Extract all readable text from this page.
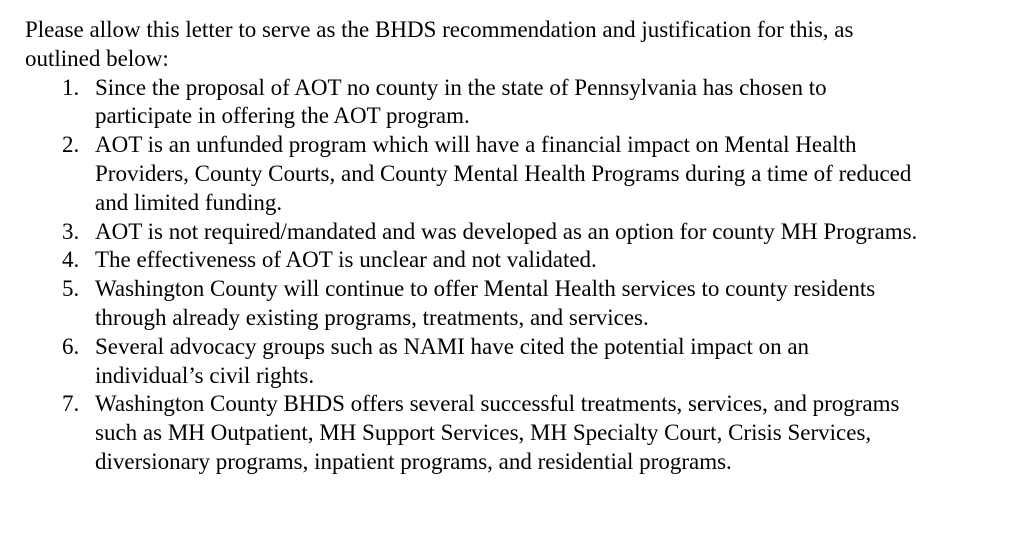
Please allow this letter to serve as the BHDS recommendation and justification for this, as
outlined below:
1. Since the proposal of AOT no county in the state of Pennsylvania has chosen to
participate in offering the AOT program.
2. AOT is an unfunded program which will have a financial impact on Mental Health
Providers, County Courts, and County Mental Health Programs during a time of reduced
and limited funding.
3. AOT is not required/mandated and was developed as an option for county MH Programs.
4. The effectiveness of AOT is unclear and not validated.
5. Washington County will continue to offer Mental Health services to county residents
through already existing programs, treatments, and services.
6. Several advocacy groups such as NAMI have cited the potential impact on an
individual’s civil rights.
7. Washington County BHDS offers several successful treatments, services, and programs
such as MH Outpatient, MH Support Services, MH Specialty Court, Crisis Services,
diversionary programs, inpatient programs, and residential programs.
